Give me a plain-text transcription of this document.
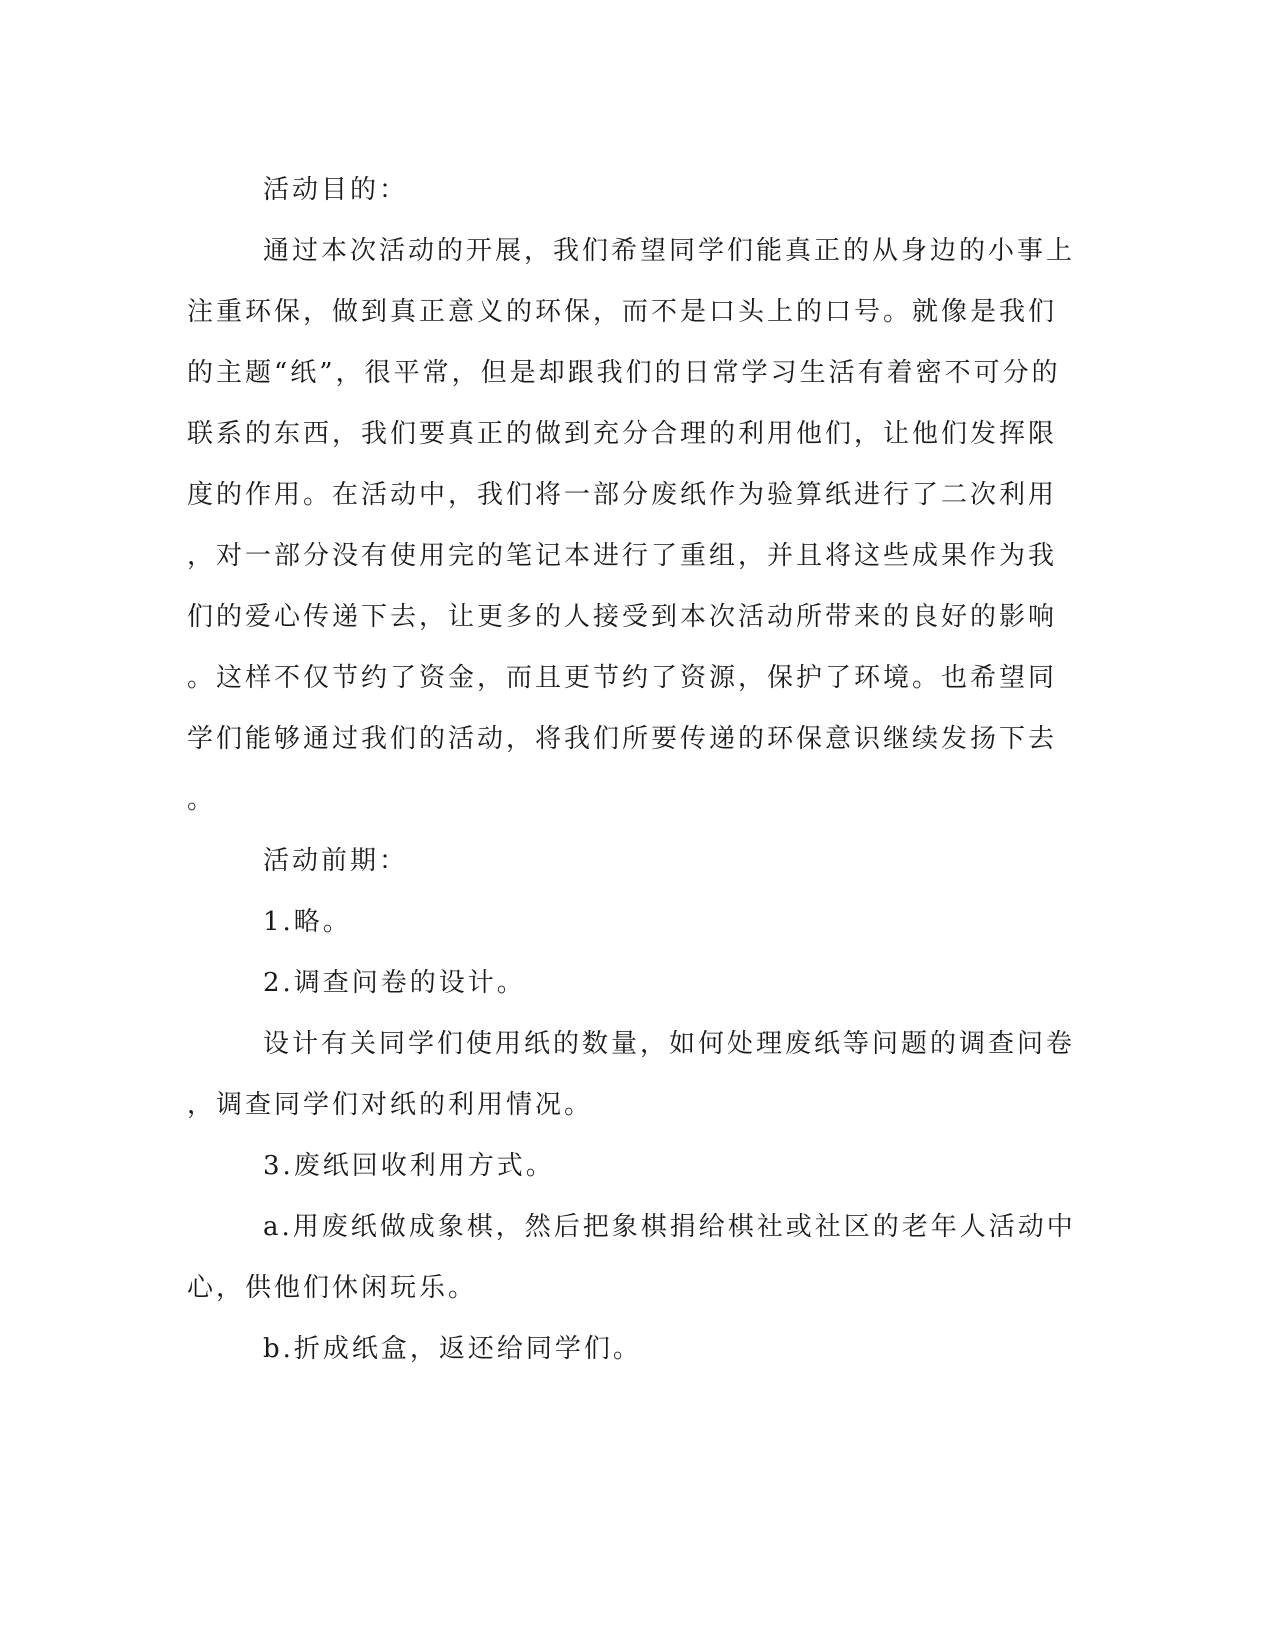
活动目的：
通过本次活动的开展，我们希望同学们能真正的从身边的小事上
注重环保，做到真正意义的环保，而不是口头上的口号。就像是我们
的主题“纸”，很平常，但是却跟我们的日常学习生活有着密不可分的
联系的东西，我们要真正的做到充分合理的利用他们，让他们发挥限
度的作用。在活动中，我们将一部分废纸作为验算纸进行了二次利用
，对一部分没有使用完的笔记本进行了重组，并且将这些成果作为我
们的爱心传递下去，让更多的人接受到本次活动所带来的良好的影响
。这样不仅节约了资金，而且更节约了资源，保护了环境。也希望同
学们能够通过我们的活动，将我们所要传递的环保意识继续发扬下去
。
活动前期：
1.略。
2.调查问卷的设计。
设计有关同学们使用纸的数量，如何处理废纸等问题的调查问卷
，调查同学们对纸的利用情况。
3.废纸回收利用方式。
a.用废纸做成象棋，然后把象棋捐给棋社或社区的老年人活动中
心，供他们休闲玩乐。
b.折成纸盒，返还给同学们。
